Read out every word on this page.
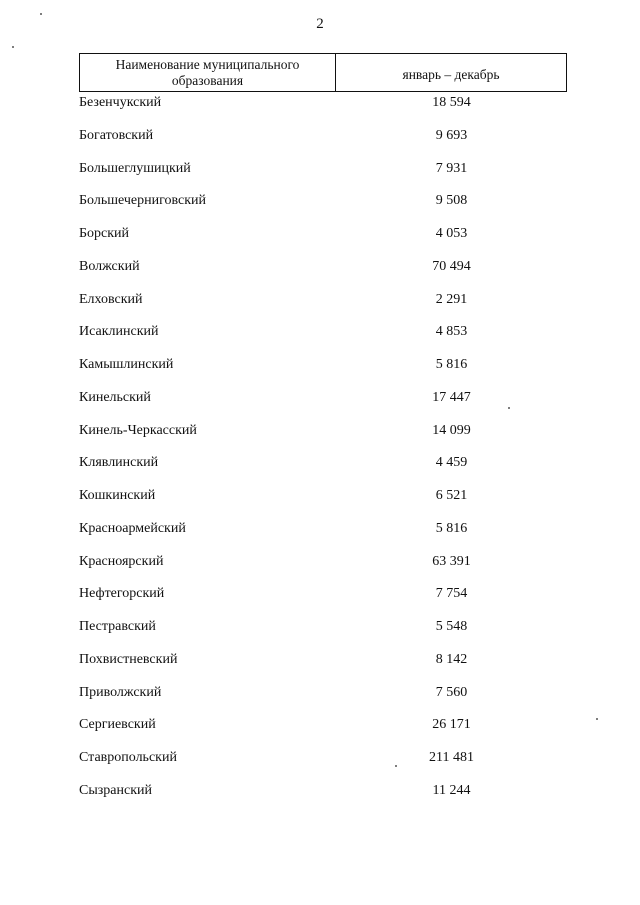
2
Наименование муниципального образования	январь – декабрь
Безенчукский	18 594
Богатовский	9 693
Большеглушицкий	7 931
Большечерниговский	9 508
Борский	4 053
Волжский	70 494
Елховский	2 291
Исаклинский	4 853
Камышлинский	5 816
Кинельский	17 447
Кинель-Черкасский	14 099
Клявлинский	4 459
Кошкинский	6 521
Красноармейский	5 816
Красноярский	63 391
Нефтегорский	7 754
Пестравский	5 548
Похвистневский	8 142
Приволжский	7 560
Сергиевский	26 171
Ставропольский	211 481
Сызранский	11 244
